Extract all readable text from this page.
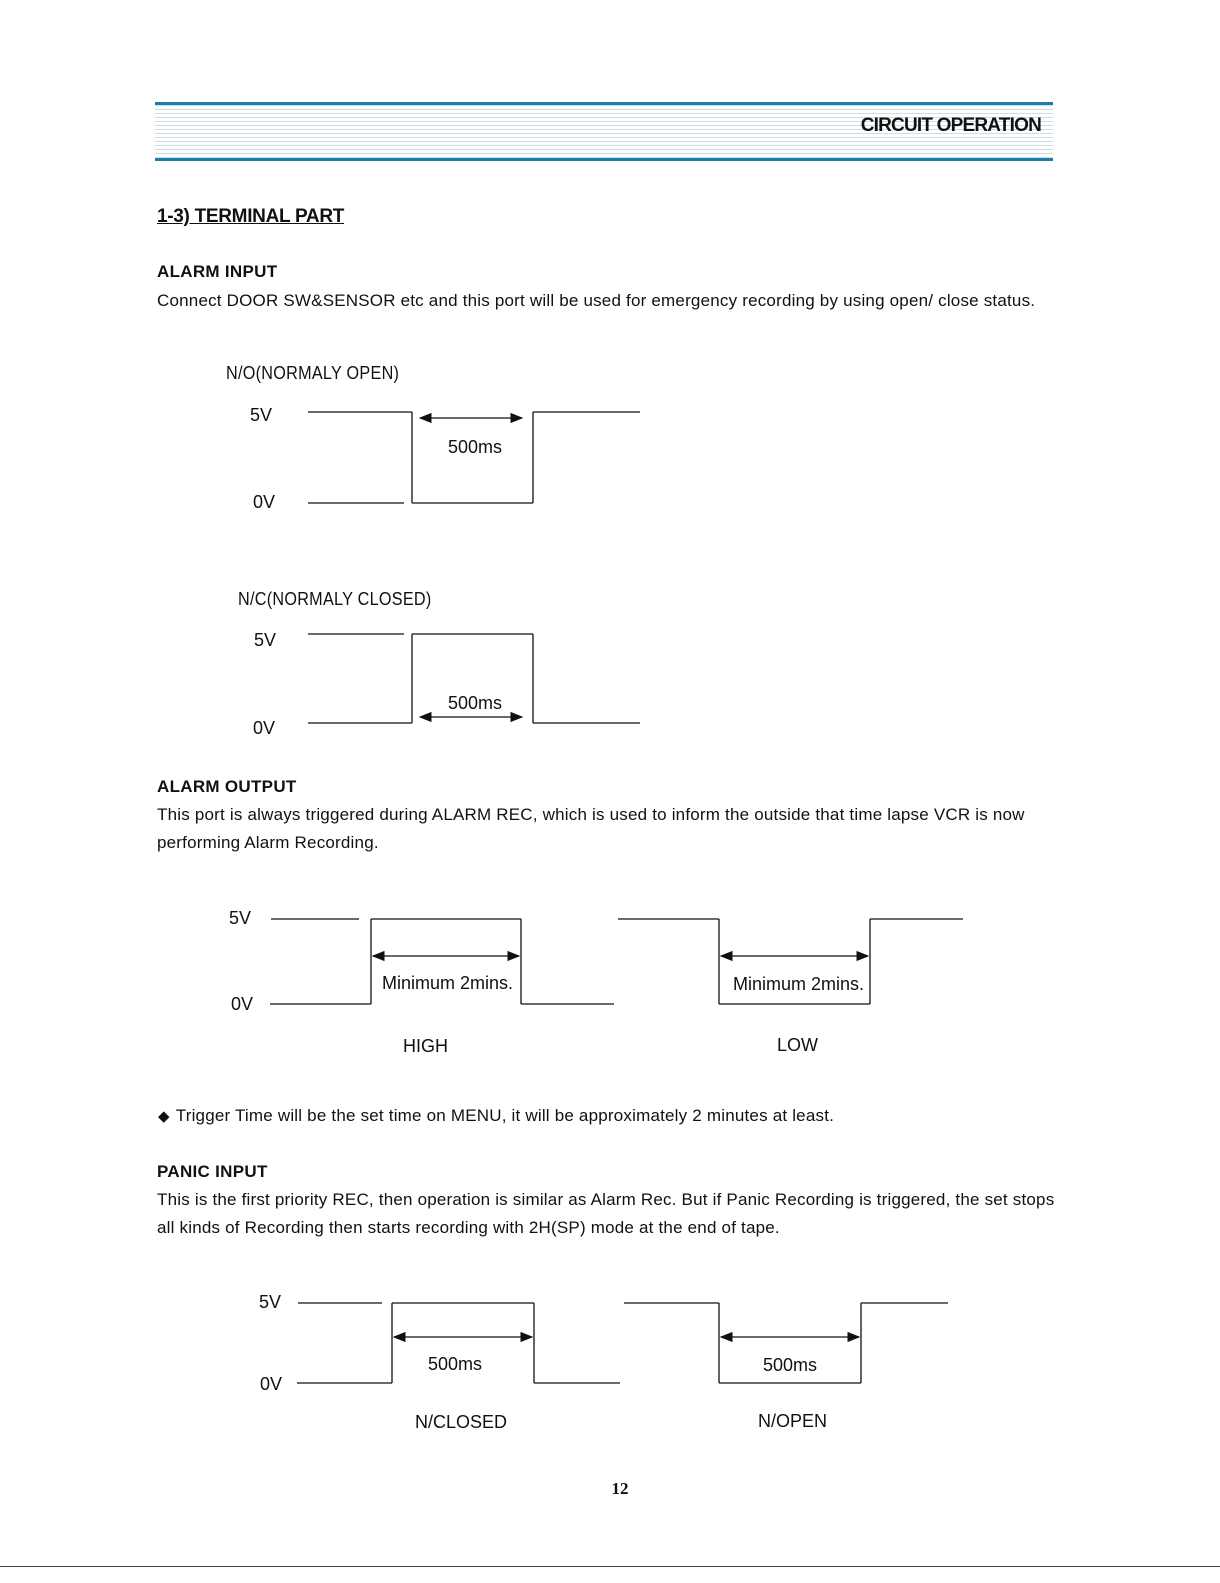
CIRCUIT OPERATION
1-3) TERMINAL PART
ALARM INPUT
Connect DOOR SW&SENSOR etc and this port will be used for emergency recording by using open/ close status.
N/O(NORMALY OPEN)
5V
0V
500ms
N/C(NORMALY CLOSED)
5V
0V
500ms
ALARM OUTPUT
This port is always triggered during ALARM REC, which is used to inform the outside that time lapse VCR is now performing Alarm Recording.
5V
0V
Minimum 2mins.	Minimum 2mins.
HIGH	LOW
◆ Trigger Time will be the set time on MENU, it will be approximately 2 minutes at least.
PANIC INPUT
This is the first priority REC, then operation is similar as Alarm Rec. But if Panic Recording is triggered, the set stops all kinds of Recording then starts recording with 2H(SP) mode at the end of tape.
5V
0V
500ms	500ms
N/CLOSED	N/OPEN
12
